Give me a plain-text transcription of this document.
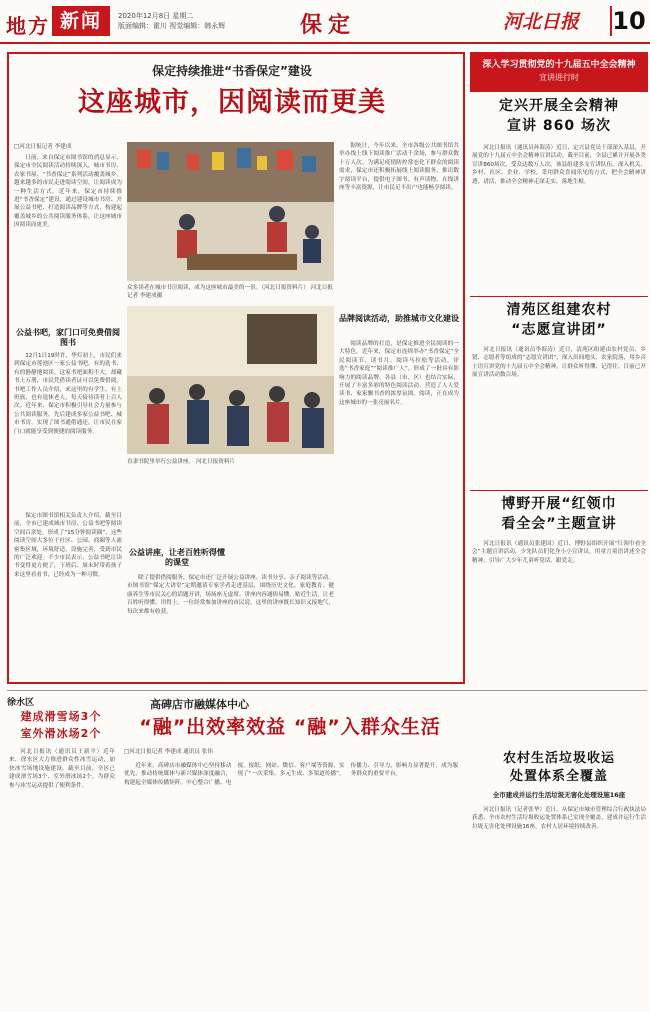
地方 新闻	2020年12月8日 星期二
版面编辑：霍川 视觉编辑：韩永辉	保定	河北日报	10
保定持续推进“书香保定”建设
这座城市，因阅读而更美
□河北日报记者 李建成

日前，来自保定市图书馆的消息显示，保定市全民阅读活动持续深入，城市书房、农家书屋、“书香保定”系列活动覆盖城乡，越来越多的市民走进阅读空间，让阅读成为一种生活方式。近年来，保定市持续推进“书香保定”建设，通过建设城市书房、开展公益书吧、打造阅读品牌等方式，构建起覆盖城乡的公共阅读服务体系，让这座城市因阅读而更美。

公益书吧，家门口可免费借阅图书

12月1日19时许，华灯初上，市民们来到保定市莲池区一家公益书吧，有的选书、有的静静地阅读。这家书吧面积不大，却藏书上万册，市民凭借读者证可以免费借阅。书吧工作人员介绍，来这里的有学生、有上班族，也有退休老人，每天接待读者上百人次。近年来，保定市积极引导社会力量参与公共阅读服务，先后建成多家公益书吧、城市书房，实现了图书通借通还，让市民在家门口就能享受到便捷的阅读服务。

保定市图书馆相关负责人介绍，截至目前，全市已建成城市书房、公益书吧等阅读空间百余处，形成了“15分钟阅读圈”。这些阅读空间大多位于社区、公园、商圈等人流密集区域，环境舒适、设施完善，受到市民的广泛欢迎。不少市民表示，公益书吧让读书变得更方便了，下班后、周末时带着孩子来这里看看书，已经成为一种习惯。

众多读者在城市书房阅读，成为这座城市最美的一景。（河北日报资料片） 河北日报记者 李建成摄

据统计，今年以来，全市各级公共图书馆共举办线上线下阅读推广活动千余场，参与群众数十万人次。为满足疫情防控常态化下群众的阅读需求，保定市还积极拓展线上阅读服务，推出数字阅读平台，提供电子图书、有声读物、在线讲座等丰富资源，让市民足不出户也能畅享阅读。

品牌阅读活动，助推城市文化建设

阅读品牌的打造，是保定推进全民阅读的一大特色。近年来，保定市连续举办“书香保定”全民阅读节、读书月、阅读马拉松等活动，评选“书香家庭”“阅读推广人”，形成了一批具有影响力的阅读品牌。各县（市、区）也结合实际，开展了丰富多彩的特色阅读活动，营造了人人爱读书、家家飘书香的浓厚氛围。阅读，正在成为这座城市的一张亮丽名片。

直隶书院里举行公益讲座。 河北日报资料片
公益讲座，让老百姓听得懂的课堂

除了提供借阅服务，保定市还广泛开展公益讲座、读书分享、亲子阅读等活动。市图书馆“保定大讲堂”定期邀请专家学者走进基层，围绕历史文化、家庭教育、健康养生等市民关心的话题开讲，场场座无虚席。讲座内容通俗易懂，贴近生活，让老百姓听得懂、用得上。一位经常参加讲座的市民说，这里的讲座既长知识又接地气，每次来都有收获。

深入学习贯彻党的十九届五中全会精神
宣讲进行时
定兴开展全会精神
宣讲 860 场次

河北日报讯（通讯员孙海涛）近日，定兴县党员干部深入基层，开展党的十九届五中全会精神宣讲活动。截至目前，全县已累计开展各类宣讲860场次，受众达数万人次。该县组建多支宣讲队伍，深入机关、乡村、社区、企业、学校，采用群众喜闻乐见的方式，把全会精神讲透、讲活，推动全会精神走深走实、落地生根。

清苑区组建农村
“志愿宣讲团”

河北日报讯（通讯员李海涛）近日，清苑区组建由农村党员、乡贤、志愿者等组成的“志愿宣讲团”，深入田间地头、农家院落，用乡音土语宣讲党的十九届五中全会精神，让群众听得懂、记得住。目前已开展宣讲活动数百场。

博野开展“红领巾
看全会”主题宣讲

河北日报讯（通讯员张建国）近日，博野县组织开展“红领巾看全会”主题宣讲活动，少先队员们化身小小宣讲员，用童言童语讲述全会精神，引导广大少年儿童听党话、跟党走。

徐水区
建成滑雪场3个
室外滑冰场2个

河北日报讯（通讯员王新平）近年来，徐水区大力推进群众性冰雪运动，加快冰雪场地设施建设。截至目前，全区已建成滑雪场3个、室外滑冰场2个，为群众参与冰雪运动提供了便利条件。

高碑店市融媒体中心
“融”出效率效益 “融”入群众生活
□河北日报记者 李建成 通讯员 张伟

近年来，高碑店市融媒体中心坚持移动优先，推动传统媒体与新兴媒体深度融合，构建起全媒体传播矩阵。中心整合广播、电视、报纸、网站、微信、客户端等资源，实现了“一次采集、多元生成、多渠道传播”，传播力、引导力、影响力显著提升，成为服务群众的重要平台。

农村生活垃圾收运
处置体系全覆盖
全市建成并运行生活垃圾无害化处理设施16座

河北日报讯（记者张华）近日，从保定市城市管理综合行政执法局获悉，全市农村生活垃圾收运处置体系已实现全覆盖，建成并运行生活垃圾无害化处理设施16座，农村人居环境持续改善。
